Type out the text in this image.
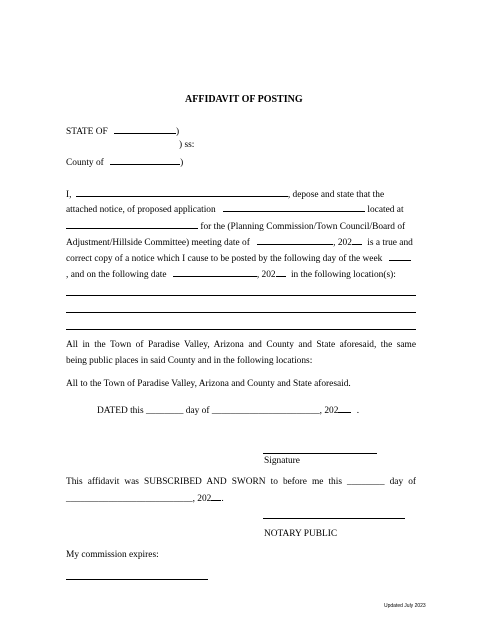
AFFIDAVIT OF POSTING
STATE OF	)
) ss:
County of	)
I,	, depose and state that the
attached notice, of proposed application	located at
for the (Planning Commission/Town Council/Board of
Adjustment/Hillside Committee) meeting date of	, 202 is a true and
correct copy of a notice which I cause to be posted by the following day of the week
, and on the following date	, 202 in the following location(s):
All in the Town of Paradise Valley, Arizona and County and State aforesaid, the same
being public places in said County and in the following locations:
All to the Town of Paradise Valley, Arizona and County and State aforesaid.
DATED this ________ day of _______________________, 202 .
Signature
This affidavit was SUBSCRIBED AND SWORN to before me this ________ day of
___________________________, 202 .
NOTARY PUBLIC
My commission expires:
Updated July 2023
